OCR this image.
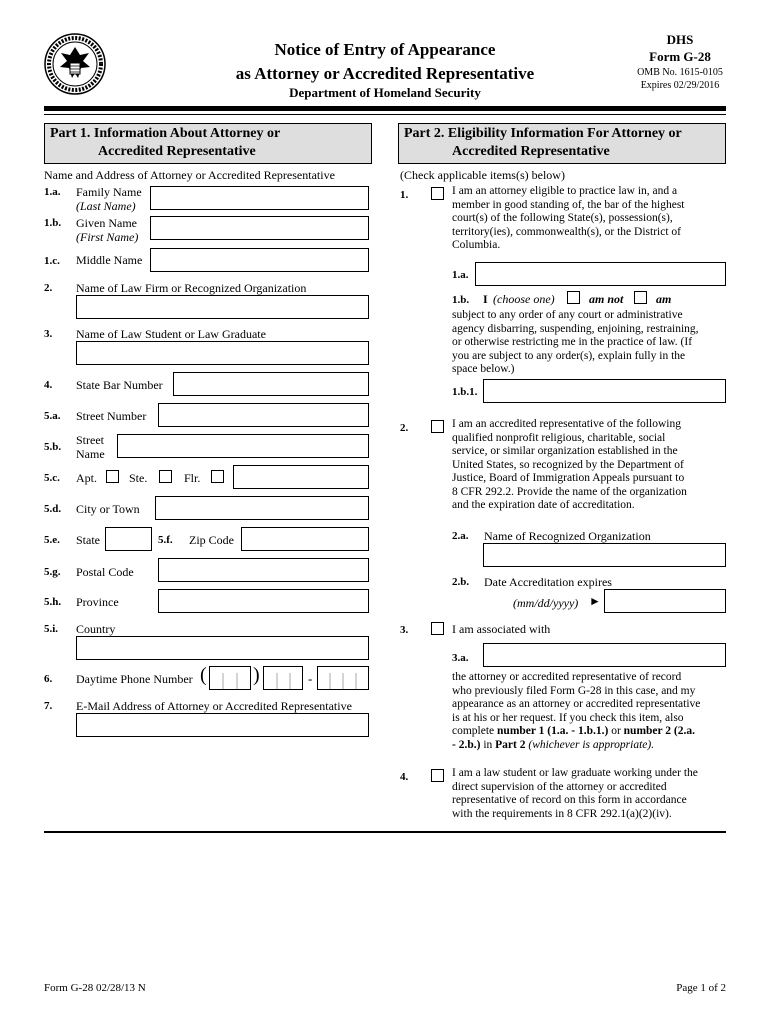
Notice of Entry of Appearance
as Attorney or Accredited Representative
Department of Homeland Security
DHS
Form G-28
OMB No. 1615-0105
Expires 02/29/2016
Part 1. Information About Attorney or
Accredited Representative
Name and Address of Attorney or Accredited Representative
1.a. Family Name
(Last Name)
1.b. Given Name
(First Name)
1.c. Middle Name
2. Name of Law Firm or Recognized Organization
3. Name of Law Student or Law Graduate
4. State Bar Number
5.a. Street Number
5.b. Street
Name
5.c. Apt.	Ste.	Flr.
5.d. City or Town
5.e. State	5.f. Zip Code
5.g. Postal Code
5.h. Province
5.i. Country
6. Daytime Phone Number ( )	-
7. E-Mail Address of Attorney or Accredited Representative
Part 2. Eligibility Information For Attorney or
Accredited Representative
(Check applicable items(s) below)
1.	I am an attorney eligible to practice law in, and a
member in good standing of, the bar of the highest
court(s) of the following State(s), possession(s),
territory(ies), commonwealth(s), or the District of
Columbia.
1.a.
1.b. I (choose one)	am not	am
subject to any order of any court or administrative
agency disbarring, suspending, enjoining, restraining,
or otherwise restricting me in the practice of law. (If
you are subject to any order(s), explain fully in the
space below.)
1.b.1.
2.	I am an accredited representative of the following
qualified nonprofit religious, charitable, social
service, or similar organization established in the
United States, so recognized by the Department of
Justice, Board of Immigration Appeals pursuant to
8 CFR 292.2. Provide the name of the organization
and the expiration date of accreditation.
2.a. Name of Recognized Organization
2.b. Date Accreditation expires
(mm/dd/yyyy) ►
3.	I am associated with
3.a.
the attorney or accredited representative of record
who previously filed Form G-28 in this case, and my
appearance as an attorney or accredited representative
is at his or her request. If you check this item, also
complete number 1 (1.a. - 1.b.1.) or number 2 (2.a.
- 2.b.) in Part 2 (whichever is appropriate).
4.	I am a law student or law graduate working under the
direct supervision of the attorney or accredited
representative of record on this form in accordance
with the requirements in 8 CFR 292.1(a)(2)(iv).
Form G-28 02/28/13 N	Page 1 of 2
